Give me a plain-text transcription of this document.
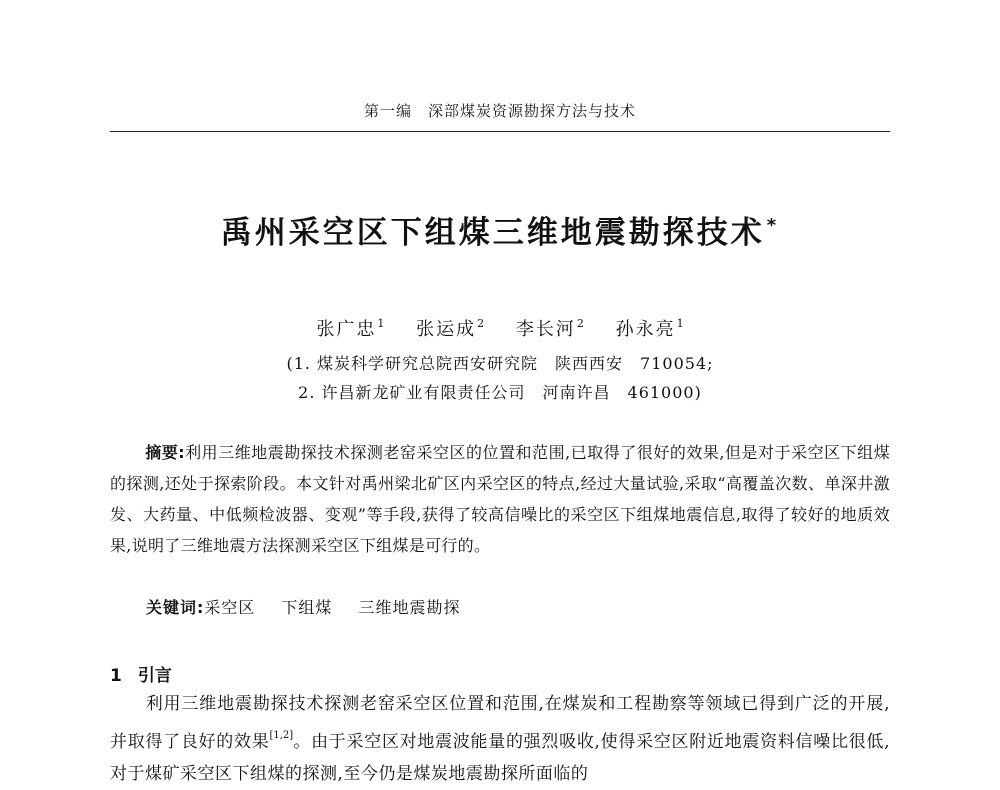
第一编　深部煤炭资源勘探方法与技术
禹州采空区下组煤三维地震勘探技术 *
张广忠$^1$ 张运成$^2$ 李长河$^2$ 孙永亮$^1$
(1. 煤炭科学研究总院西安研究院　陕西西安　710054;
2. 许昌新龙矿业有限责任公司　河南许昌　461000)
摘要:利用三维地震勘探技术探测老窑采空区的位置和范围,已取得了很好的效果,但是对于采空区下组煤的探测,还处于探索阶段。本文针对禹州梁北矿区内采空区的特点,经过大量试验,采取“高覆盖次数、单深井激发、大药量、中低频检波器、变观”等手段,获得了较高信噪比的采空区下组煤地震信息,取得了较好的地质效果,说明了三维地震方法探测采空区下组煤是可行的。
关键词:采空区 下组煤 三维地震勘探
1 引言
利用三维地震勘探技术探测老窑采空区位置和范围,在煤炭和工程勘察等领域已得到广泛的开展,并取得了良好的效果[1,2]。由于采空区对地震波能量的强烈吸收,使得采空区附近地震资料信噪比很低,对于煤矿采空区下组煤的探测,至今仍是煤炭地震勘探所面临的
